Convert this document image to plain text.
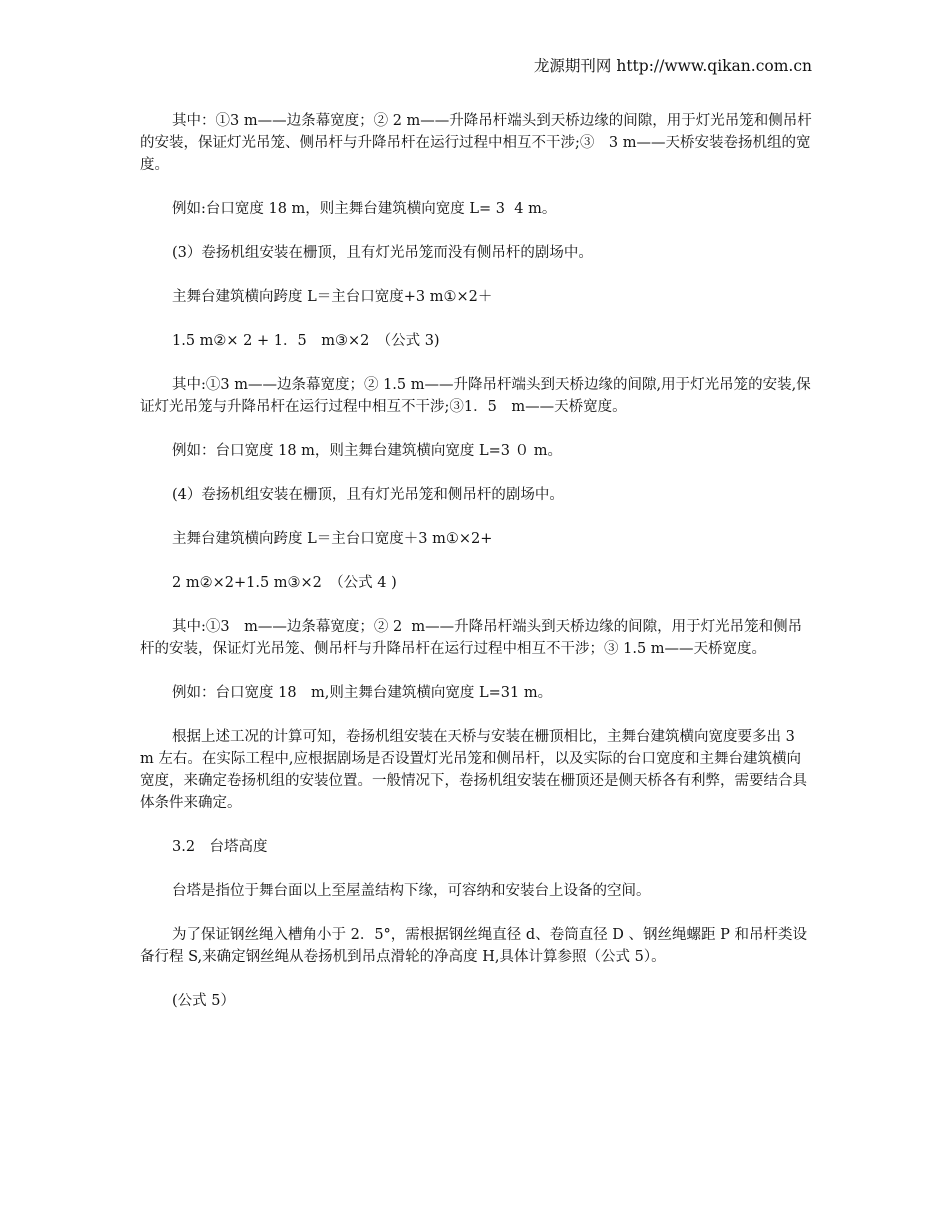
龙源期刊网 http://www.qikan.com.cn

其中：①3 m——边条幕宽度；② 2 m——升降吊杆端头到天桥边缘的间隙，用于灯光吊笼和侧吊杆的安装，保证灯光吊笼、侧吊杆与升降吊杆在运行过程中相互不干涉;③　3 m——天桥安装卷扬机组的宽度。

例如:台口宽度 18 m，则主舞台建筑横向宽度 L= 3  4 m。

(3）卷扬机组安装在栅顶，且有灯光吊笼而没有侧吊杆的剧场中。

主舞台建筑横向跨度 L＝主台口宽度+3 m①×2＋

1.5 m②× 2 + 1．5　m③×2　（公式 3)

其中:①3 m——边条幕宽度；② 1.5 m——升降吊杆端头到天桥边缘的间隙,用于灯光吊笼的安装,保证灯光吊笼与升降吊杆在运行过程中相互不干涉;③1．5　m——天桥宽度。

例如：台口宽度 18 m，则主舞台建筑横向宽度 L=3 ０ m。

(4）卷扬机组安装在栅顶，且有灯光吊笼和侧吊杆的剧场中。

主舞台建筑横向跨度 L＝主台口宽度＋3 m①×2+

2 m②×2+1.5 m③×2　（公式 4 )

其中:①3　m——边条幕宽度；② 2  m——升降吊杆端头到天桥边缘的间隙，用于灯光吊笼和侧吊杆的安装，保证灯光吊笼、侧吊杆与升降吊杆在运行过程中相互不干涉；③ 1.5 m——天桥宽度。

例如：台口宽度 18　m,则主舞台建筑横向宽度 L=31 m。

根据上述工况的计算可知，卷扬机组安装在天桥与安装在栅顶相比，主舞台建筑横向宽度要多出 3　m 左右。在实际工程中,应根据剧场是否设置灯光吊笼和侧吊杆，以及实际的台口宽度和主舞台建筑横向宽度，来确定卷扬机组的安装位置。一般情况下，卷扬机组安装在栅顶还是侧天桥各有利弊，需要结合具体条件来确定。

3.2　台塔高度

台塔是指位于舞台面以上至屋盖结构下缘，可容纳和安装台上设备的空间。

为了保证钢丝绳入槽角小于 2．5°，需根据钢丝绳直径 d、卷筒直径 D 、钢丝绳螺距 P 和吊杆类设备行程 S,来确定钢丝绳从卷扬机到吊点滑轮的净高度 H,具体计算参照（公式 5）。

(公式 5）
